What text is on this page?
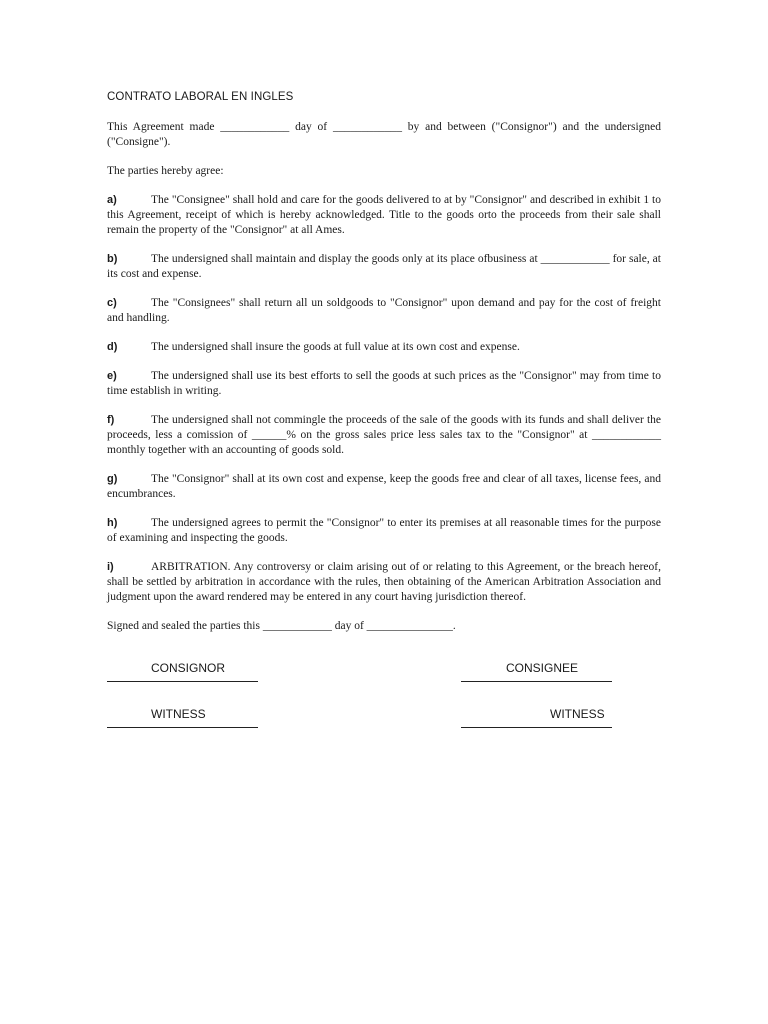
CONTRATO LABORAL EN INGLES

This Agreement made ____________ day of ____________ by and between ("Consignor") and the undersigned ("Consigne").

The parties hereby agree:

a)	The "Consignee" shall hold and care for the goods delivered to at by "Consignor" and described in exhibit 1 to this Agreement, receipt of which is hereby acknowledged. Title to the goods orto the proceeds from their sale shall remain the property of the "Consignor" at all Ames.

b)	The undersigned shall maintain and display the goods only at its place ofbusiness at ____________ for sale, at its cost and expense.

c)	The "Consignees" shall return all un soldgoods to "Consignor" upon demand and pay for the cost of freight and handling.

d)	The undersigned shall insure the goods at full value at its own cost and expense.

e)	The undersigned shall use its best efforts to sell the goods at such prices as the "Consignor" may from time to time establish in writing.

f)	The undersigned shall not commingle the proceeds of the sale of the goods with its funds and shall deliver the proceeds, less a comission of ______% on the gross sales price less sales tax to the "Consignor" at ____________ monthly together with an accounting of goods sold.

g)	The "Consignor" shall at its own cost and expense, keep the goods free and clear of all taxes, license fees, and encumbrances.

h)	The undersigned agrees to permit the "Consignor" to enter its premises at all reasonable times for the purpose of examining and inspecting the goods.

i)	ARBITRATION. Any controversy or claim arising out of or relating to this Agreement, or the breach hereof, shall be settled by arbitration in accordance with the rules, then obtaining of the American Arbitration Association and judgment upon the award rendered may be entered in any court having jurisdiction thereof.

Signed and sealed the parties this ____________ day of _______________.

CONSIGNOR	CONSIGNEE
WITNESS	WITNESS
